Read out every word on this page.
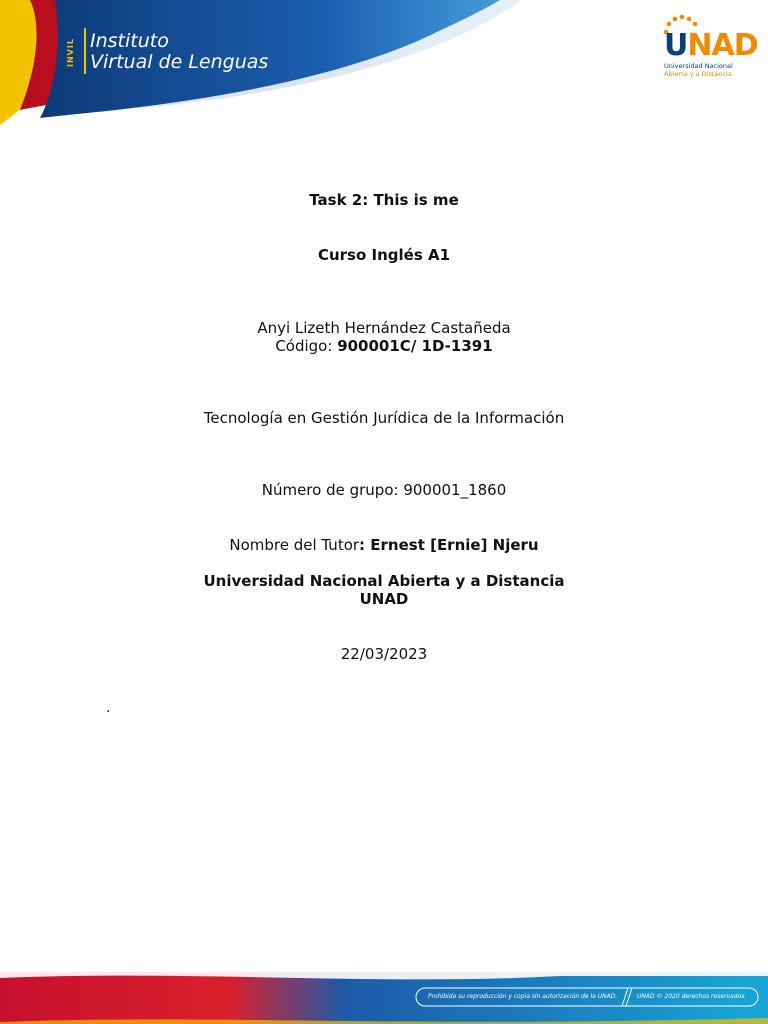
INVIL Instituto
Virtual de Lenguas	UNAD
Universidad Nacional
Abierta y a Distancia
Task 2: This is me
Curso Inglés A1
Anyi Lizeth Hernández Castañeda
Código: 900001C/ 1D-1391
Tecnología en Gestión Jurídica de la Información
Número de grupo: 900001_1860
Nombre del Tutor: Ernest [Ernie] Njeru
Universidad Nacional Abierta y a Distancia
UNAD
22/03/2023
.
Prohibida su reproducción y copia sin autorización de la UNAD.	UNAD © 2020 derechos reservados.
